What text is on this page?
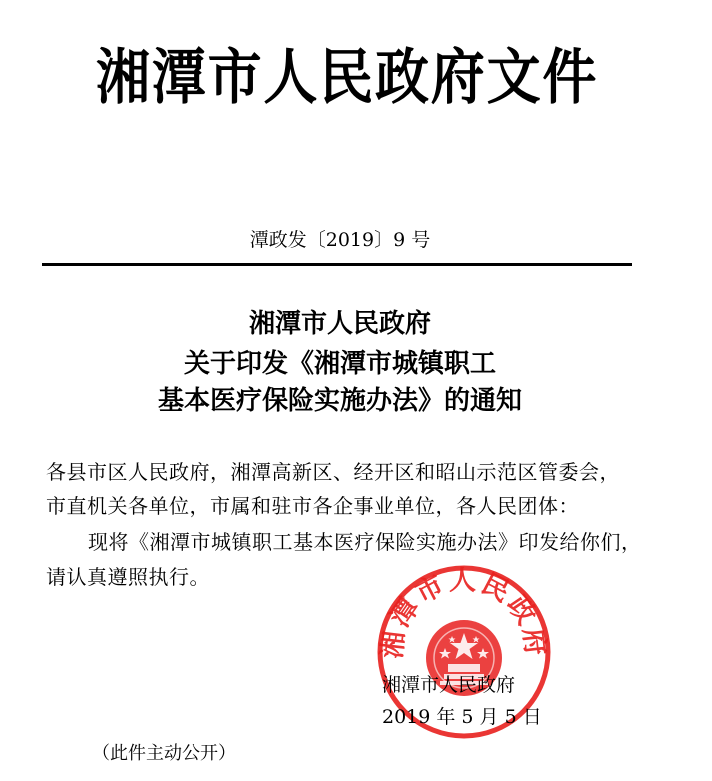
湘潭市人民政府文件
潭政发〔2019〕9 号
湘潭市人民政府
关于印发《湘潭市城镇职工
基本医疗保险实施办法》的通知
各县市区人民政府，湘潭高新区、经开区和昭山示范区管委会，
市直机关各单位，市属和驻市各企事业单位，各人民团体：
现将《湘潭市城镇职工基本医疗保险实施办法》印发给你们，
请认真遵照执行。
湘潭市人民政府
湘潭市人民政府
2019 年 5 月 5 日
（此件主动公开）
